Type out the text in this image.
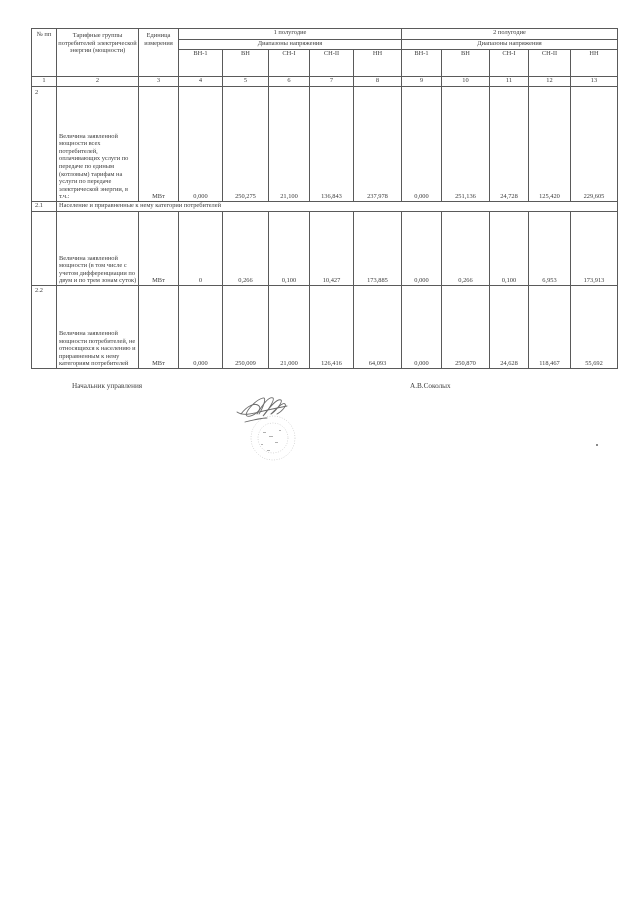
№ пп	Тарифные группы потребителей электрической энергии (мощности)	Единица измерения	1 полугодие					2 полугодие				
			Диапазоны напряжения					Диапазоны напряжения				
			ВН-1	ВН	СН-I	СН-II	НН	ВН-1	ВН	СН-I	СН-II	НН
1	2	3	4	5	6	7	8	9	10	11	12	13
2	Величина заявленной мощности всех потребителей, оплачивающих услуги по передаче по единым (котловым) тарифам на услуги по передаче электрической энергии, в т.ч.:	МВт	0,000	250,275	21,100	136,843	237,978	0,000	251,136	24,728	125,420	229,605
2.1	Население и приравненные к нему категории потребителей											
	Величина заявленной мощности (в том числе с учетом дифференциации по двум и по трем зонам суток)	МВт	0	0,266	0,100	10,427	173,885	0,000	0,266	0,100	6,953	173,913
2.2	Величина заявленной мощности потребителей, не относящихся к населению и приравненным к нему категориям потребителей	МВт	0,000	250,009	21,000	126,416	64,093	0,000	250,870	24,628	118,467	55,692
Начальник управления	А.В.Соколых
